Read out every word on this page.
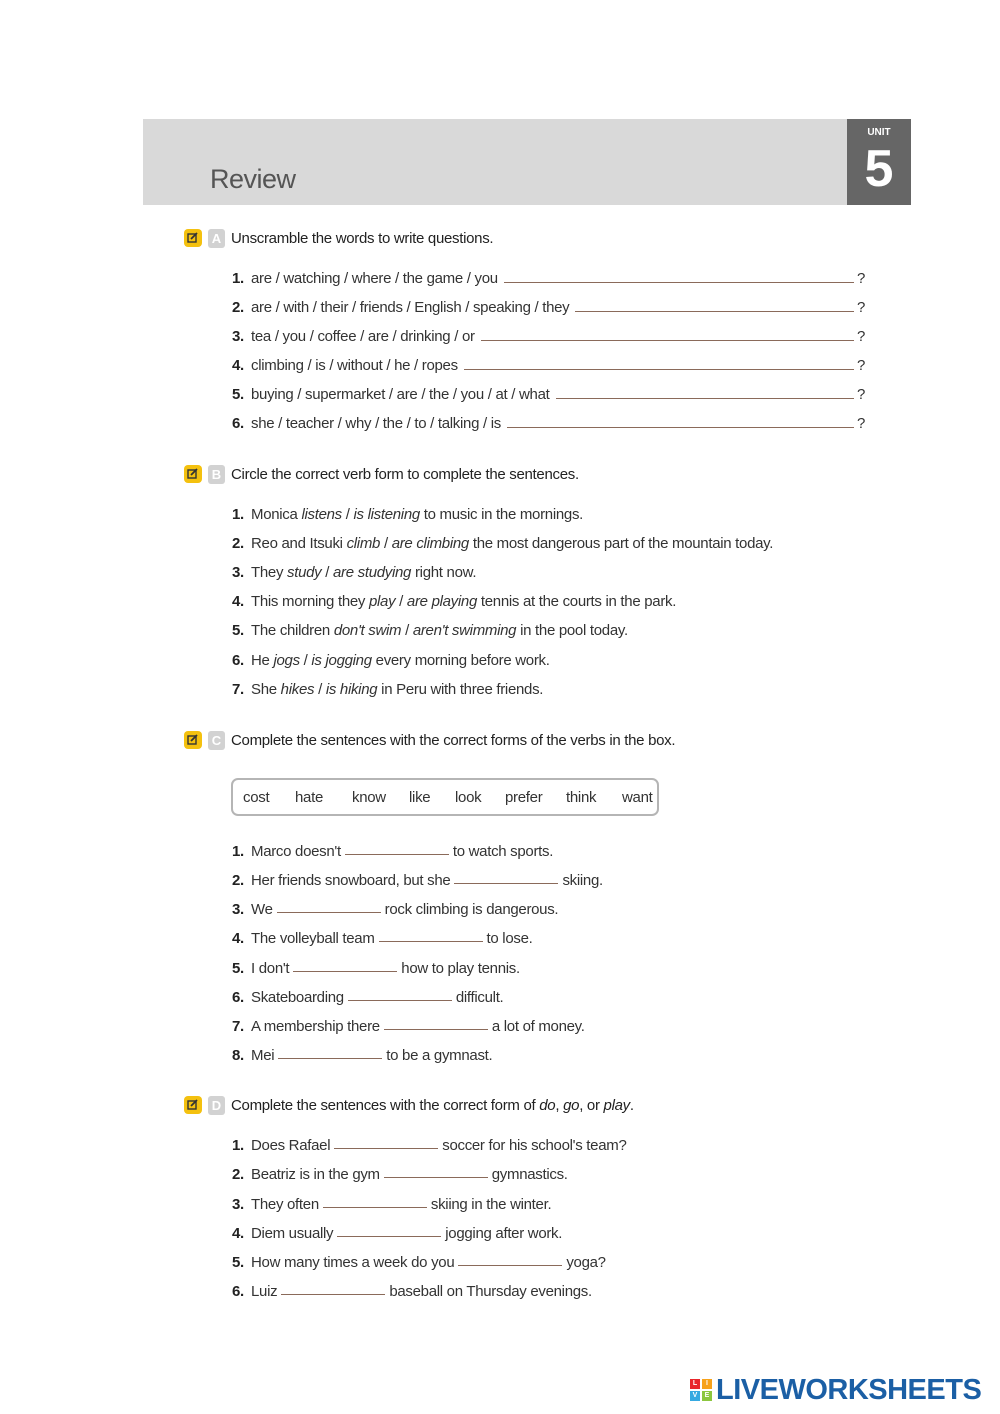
Review
UNIT
5
A Unscramble the words to write questions.
1. are / watching / where / the game / you	?
2. are / with / their / friends / English / speaking / they	?
3. tea / you / coffee / are / drinking / or	?
4. climbing / is / without / he / ropes	?
5. buying / supermarket / are / the / you / at / what	?
6. she / teacher / why / the / to / talking / is	?
B Circle the correct verb form to complete the sentences.
1. Monica listens / is listening to music in the mornings.
2. Reo and Itsuki climb / are climbing the most dangerous part of the mountain today.
3. They study / are studying right now.
4. This morning they play / are playing tennis at the courts in the park.
5. The children don't swim / aren't swimming in the pool today.
6. He jogs / is jogging every morning before work.
7. She hikes / is hiking in Peru with three friends.
C Complete the sentences with the correct forms of the verbs in the box.
cost	hate	know	like	look	prefer	think	want
1. Marco doesn't	to watch sports.
2. Her friends snowboard, but she	skiing.
3. We	rock climbing is dangerous.
4. The volleyball team	to lose.
5. I don't	how to play tennis.
6. Skateboarding	difficult.
7. A membership there	a lot of money.
8. Mei	to be a gymnast.
D Complete the sentences with the correct form of do, go, or play.
1. Does Rafael	soccer for his school's team?
2. Beatriz is in the gym	gymnastics.
3. They often	skiing in the winter.
4. Diem usually	jogging after work.
5. How many times a week do you	yoga?
6. Luiz	baseball on Thursday evenings.
L	I
V	E LIVEWORKSHEETS
